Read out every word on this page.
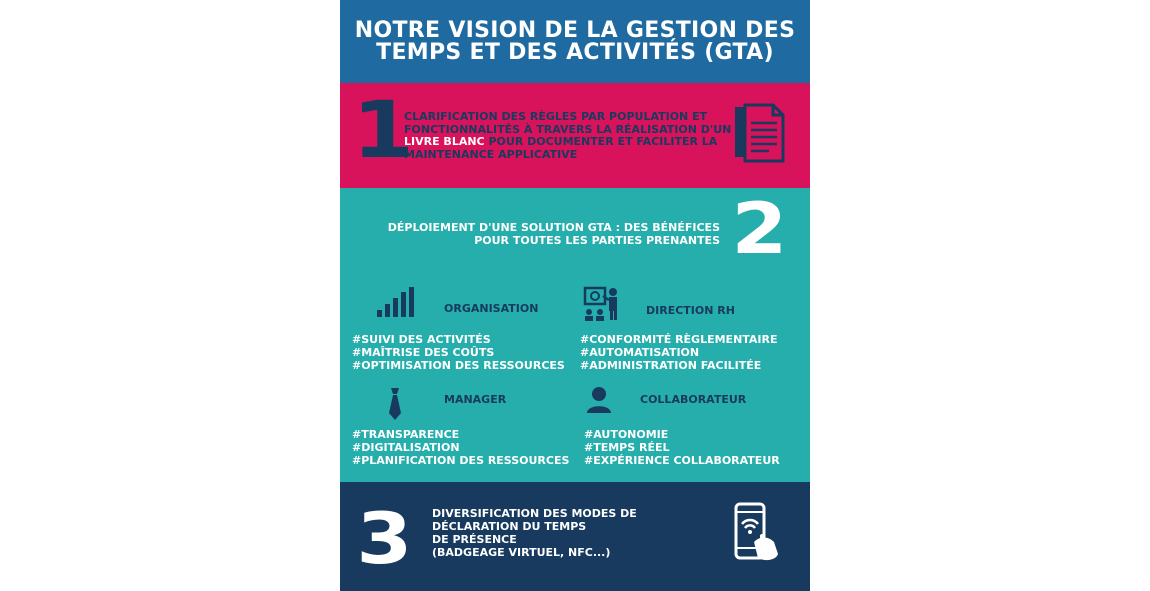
NOTRE VISION DE LA GESTION DES
TEMPS ET DES ACTIVITÉS (GTA)
1
CLARIFICATION DES RÈGLES PAR POPULATION ET FONCTIONNALITÉS À TRAVERS LA RÉALISATION D'UN LIVRE BLANC POUR DOCUMENTER ET FACILITER LA MAINTENANCE APPLICATIVE
2
DÉPLOIEMENT D'UNE SOLUTION GTA : DES BÉNÉFICES
POUR TOUTES LES PARTIES PRENANTES
ORGANISATION
#SUIVI DES ACTIVITÉS
#MAÎTRISE DES COÛTS
#OPTIMISATION DES RESSOURCES
DIRECTION RH
#CONFORMITÉ RÈGLEMENTAIRE
#AUTOMATISATION
#ADMINISTRATION FACILITÉE
MANAGER
#TRANSPARENCE
#DIGITALISATION
#PLANIFICATION DES RESSOURCES
COLLABORATEUR
#AUTONOMIE
#TEMPS RÉEL
#EXPÉRIENCE COLLABORATEUR
3 DIVERSIFICATION DES MODES DE
DÉCLARATION DU TEMPS
DE PRÉSENCE
(BADGEAGE VIRTUEL, NFC...)
